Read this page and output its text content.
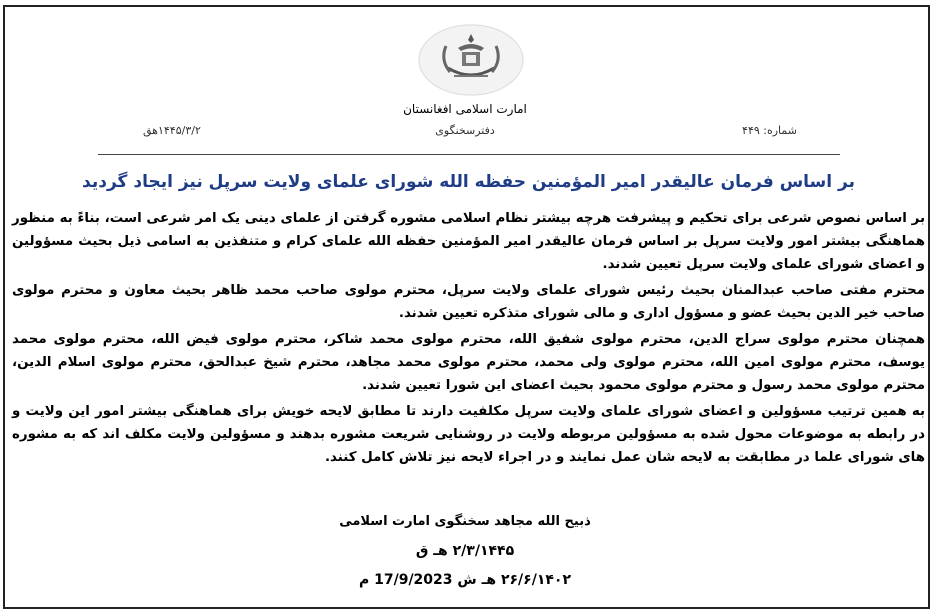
امارت اسلامی افغانستان
دفترسخنگوی	شماره: ۴۴۹
۱۴۴۵/۳/۲هق
بر اساس فرمان عالیقدر امیر المؤمنین حفظه الله شورای علمای ولایت سرپل نیز ایجاد گردید

بر اساس نصوص شرعی برای تحکیم و پیشرفت هرچه بیشتر نظام اسلامی مشوره گرفتن از علمای دینی یک امر شرعی است، بناءً به منظور هماهنگی بیشتر امور ولایت سرپل بر اساس فرمان عالیقدر امیر المؤمنین حفظه الله علمای کرام و متنفذین به اسامی ذیل بحیث مسؤولین و اعضای شورای علمای ولایت سرپل تعیین شدند.

محترم مفتی صاحب عبدالمنان بحیث رئیس شورای علمای ولایت سرپل، محترم مولوی صاحب محمد ظاهر بحیث معاون و محترم مولوی صاحب خیر الدین بحیث عضو و مسؤول اداری و مالی شورای متذکره تعیین شدند.

همچنان محترم مولوی سراج الدین، محترم مولوی شفیق الله، محترم مولوی محمد شاکر، محترم مولوی فیض الله، محترم مولوی محمد یوسف، محترم مولوی امین الله، محترم مولوی ولی محمد، محترم مولوی محمد مجاهد، محترم شیخ عبدالحق، محترم مولوی اسلام الدین، محترم مولوی محمد رسول و محترم مولوی محمود بحیث اعضای این شورا تعیین شدند.

به همین ترتیب مسؤولین و اعضای شورای علمای ولایت سرپل مکلفیت دارند تا مطابق لایحه خویش برای هماهنگی بیشتر امور این ولایت و در رابطه به موضوعات محول شده به مسؤولین مربوطه ولایت در روشنایی شریعت مشوره بدهند و مسؤولین ولایت مکلف اند که به مشوره های شورای علما در مطابقت به لایحه شان عمل نمایند و در اجراء لایحه نیز تلاش کامل کنند.

ذبیح الله مجاهد سخنگوی امارت اسلامی
۲/۳/۱۴۴۵ هـ ق
۲۶/۶/۱۴۰۲ هـ ش 17/9/2023 م
